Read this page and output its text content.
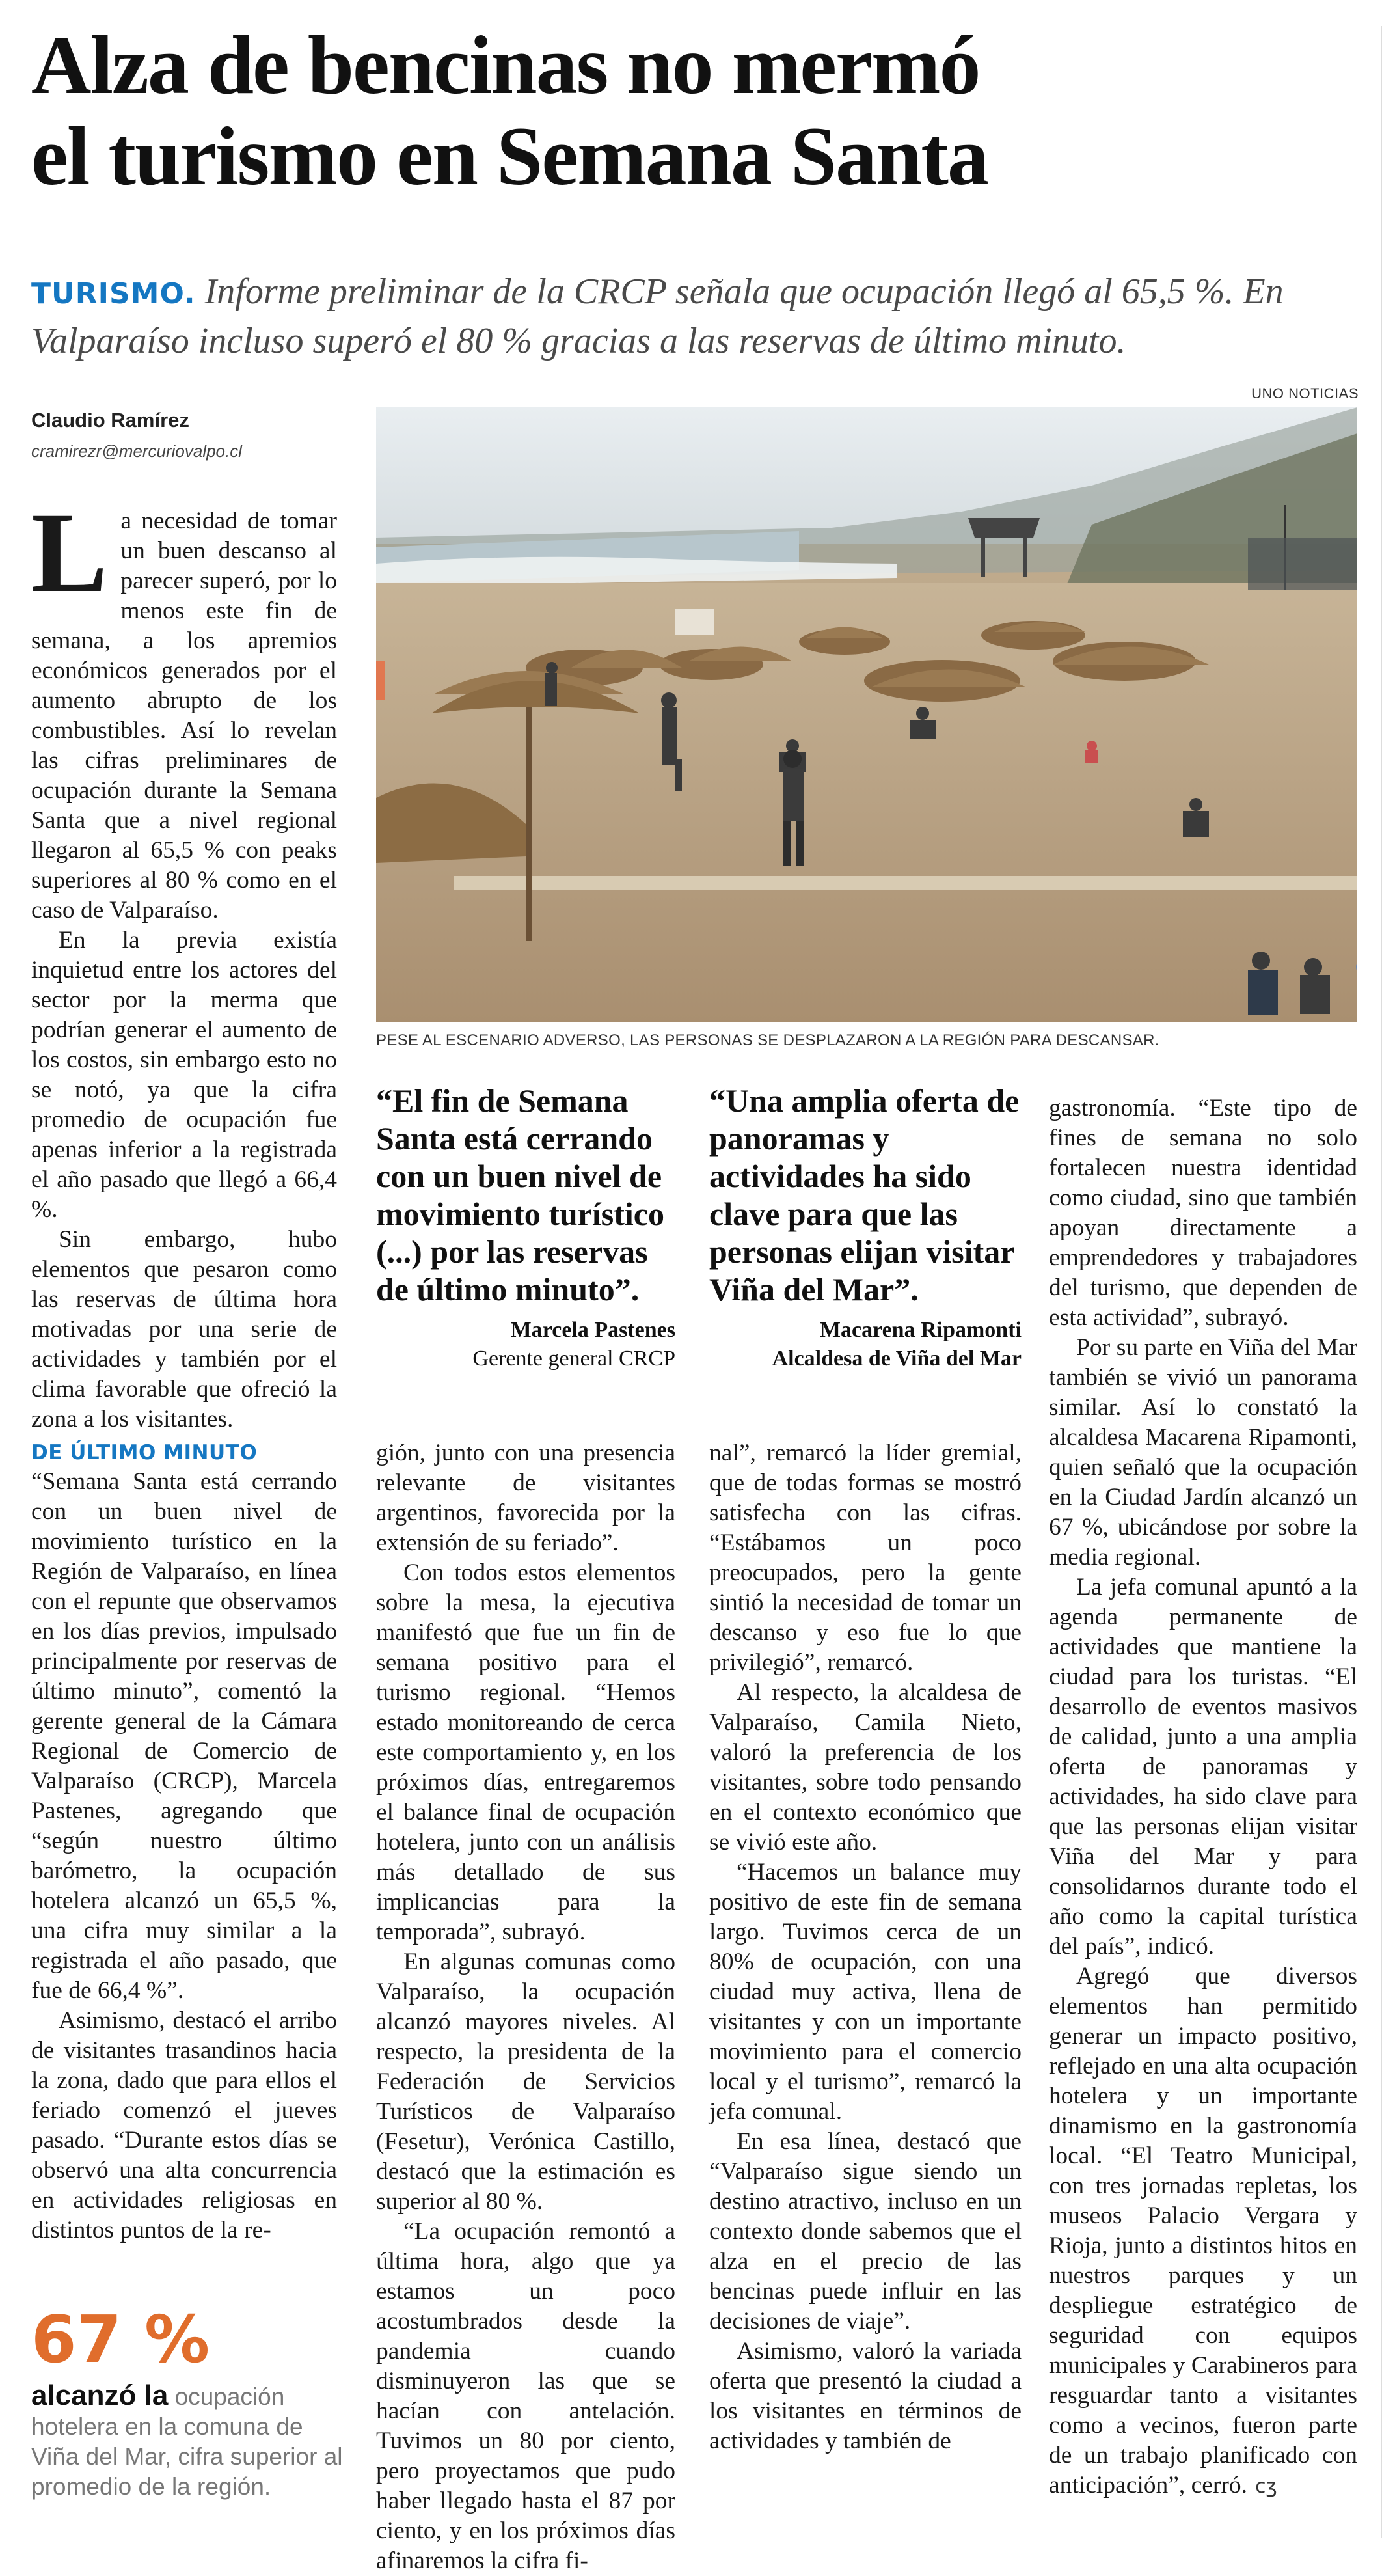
Alza de bencinas no mermó
el turismo en Semana Santa
TURISMO. Informe preliminar de la CRCP señala que ocupación llegó al 65,5 %. En Valparaíso incluso superó el 80 % gracias a las reservas de último minuto.
Claudio Ramírez
cramirezr@mercuriovalpo.cl
UNO NOTICIAS
PESE AL ESCENARIO ADVERSO, LAS PERSONAS SE DESPLAZARON A LA REGIÓN PARA DESCANSAR.

La necesidad de tomar un buen descanso al parecer superó, por lo menos este fin de semana, a los apremios económicos generados por el aumento abrupto de los combustibles. Así lo revelan las cifras preliminares de ocupación durante la Semana Santa que a nivel regional llegaron al 65,5 % con peaks superiores al 80 % como en el caso de Valparaíso.

En la previa existía inquietud entre los actores del sector por la merma que podrían generar el aumento de los costos, sin embargo esto no se notó, ya que la cifra promedio de ocupación fue apenas inferior a la registrada el año pasado que llegó a 66,4 %.

Sin embargo, hubo elementos que pesaron como las reservas de última hora motivadas por una serie de actividades y también por el clima favorable que ofreció la zona a los visitantes.

DE ÚLTIMO MINUTO

“Semana Santa está cerrando con un buen nivel de movimiento turístico en la Región de Valparaíso, en línea con el repunte que observamos en los días previos, impulsado principalmente por reservas de último minuto”, comentó la gerente general de la Cámara Regional de Comercio de Valparaíso (CRCP), Marcela Pastenes, agregando que “según nuestro último barómetro, la ocupación hotelera alcanzó un 65,5 %, una cifra muy similar a la registrada el año pasado, que fue de 66,4 %”.

Asimismo, destacó el arribo de visitantes trasandinos hacia la zona, dado que para ellos el feriado comenzó el jueves pasado. “Durante estos días se observó una alta concurrencia en actividades religiosas en distintos puntos de la re-

“El fin de Semana Santa está cerrando con un buen nivel de movimiento turístico (...) por las reservas de último minuto”.

Marcela Pastenes
Gerente general CRCP

“Una amplia oferta de panoramas y actividades ha sido clave para que las personas elijan visitar Viña del Mar”.

Macarena Ripamonti
Alcaldesa de Viña del Mar

gión, junto con una presencia relevante de visitantes argentinos, favorecida por la extensión de su feriado”.

Con todos estos elementos sobre la mesa, la ejecutiva manifestó que fue un fin de semana positivo para el turismo regional. “Hemos estado monitoreando de cerca este comportamiento y, en los próximos días, entregaremos el balance final de ocupación hotelera, junto con un análisis más detallado de sus implicancias para la temporada”, subrayó.

En algunas comunas como Valparaíso, la ocupación alcanzó mayores niveles. Al respecto, la presidenta de la Federación de Servicios Turísticos de Valparaíso (Fesetur), Verónica Castillo, destacó que la estimación es superior al 80 %.

“La ocupación remontó a última hora, algo que ya estamos un poco acostumbrados desde la pandemia cuando disminuyeron las que se hacían con antelación. Tuvimos un 80 por ciento, pero proyectamos que pudo haber llegado hasta el 87 por ciento, y en los próximos días afinaremos la cifra fi-

nal”, remarcó la líder gremial, que de todas formas se mostró satisfecha con las cifras. “Estábamos un poco preocupados, pero la gente sintió la necesidad de tomar un descanso y eso fue lo que privilegió”, remarcó.

Al respecto, la alcaldesa de Valparaíso, Camila Nieto, valoró la preferencia de los visitantes, sobre todo pensando en el contexto económico que se vivió este año.

“Hacemos un balance muy positivo de este fin de semana largo. Tuvimos cerca de un 80% de ocupación, con una ciudad muy activa, llena de visitantes y con un importante movimiento para el comercio local y el turismo”, remarcó la jefa comunal.

En esa línea, destacó que “Valparaíso sigue siendo un destino atractivo, incluso en un contexto donde sabemos que el alza en el precio de las bencinas puede influir en las decisiones de viaje”.

Asimismo, valoró la variada oferta que presentó la ciudad a los visitantes en términos de actividades y también de

gastronomía. “Este tipo de fines de semana no solo fortalecen nuestra identidad como ciudad, sino que también apoyan directamente a emprendedores y trabajadores del turismo, que dependen de esta actividad”, subrayó.

Por su parte en Viña del Mar también se vivió un panorama similar. Así lo constató la alcaldesa Macarena Ripamonti, quien señaló que la ocupación en la Ciudad Jardín alcanzó un 67 %, ubicándose por sobre la media regional.

La jefa comunal apuntó a la agenda permanente de actividades que mantiene la ciudad para los turistas. “El desarrollo de eventos masivos de calidad, junto a una amplia oferta de panoramas y actividades, ha sido clave para que las personas elijan visitar Viña del Mar y para consolidarnos durante todo el año como la capital turística del país”, indicó.

Agregó que diversos elementos han permitido generar un impacto positivo, reflejado en una alta ocupación hotelera y un importante dinamismo en la gastronomía local. “El Teatro Municipal, con tres jornadas repletas, los museos Palacio Vergara y Rioja, junto a distintos hitos en nuestros parques y un despliegue estratégico de seguridad con equipos municipales y Carabineros para resguardar tanto a visitantes como a vecinos, fueron parte de un trabajo planificado con anticipación”, cerró. ᴄʒ

67 %
alcanzó la ocupación hotelera en la comuna de Viña del Mar, cifra superior al promedio de la región.
